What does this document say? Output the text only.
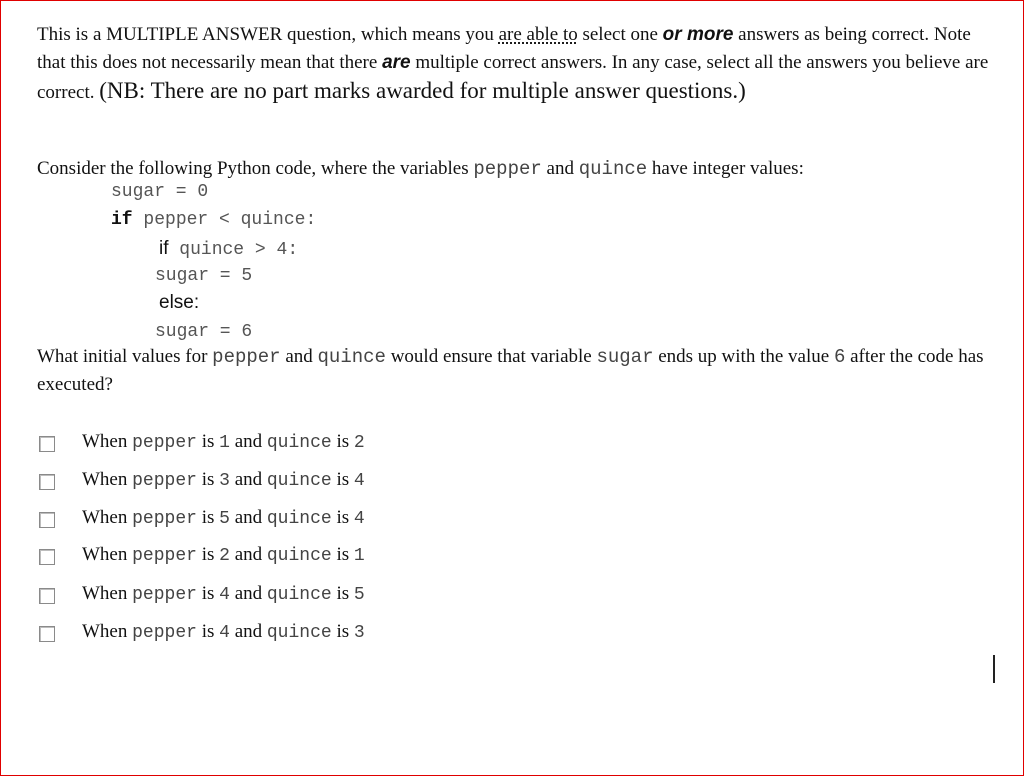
This is a MULTIPLE ANSWER question, which means you are able to select one or more answers as being correct. Note that this does not necessarily mean that there are multiple correct answers. In any case, select all the answers you believe are correct. (NB: There are no part marks awarded for multiple answer questions.)
Consider the following Python code, where the variables pepper and quince have integer values:
sugar = 0
if pepper < quince:
if quince > 4:
sugar = 5
else:
sugar = 6
What initial values for pepper and quince would ensure that variable sugar ends up with the value 6 after the code has executed?
When pepper is 1 and quince is 2
When pepper is 3 and quince is 4
When pepper is 5 and quince is 4
When pepper is 2 and quince is 1
When pepper is 4 and quince is 5
When pepper is 4 and quince is 3
